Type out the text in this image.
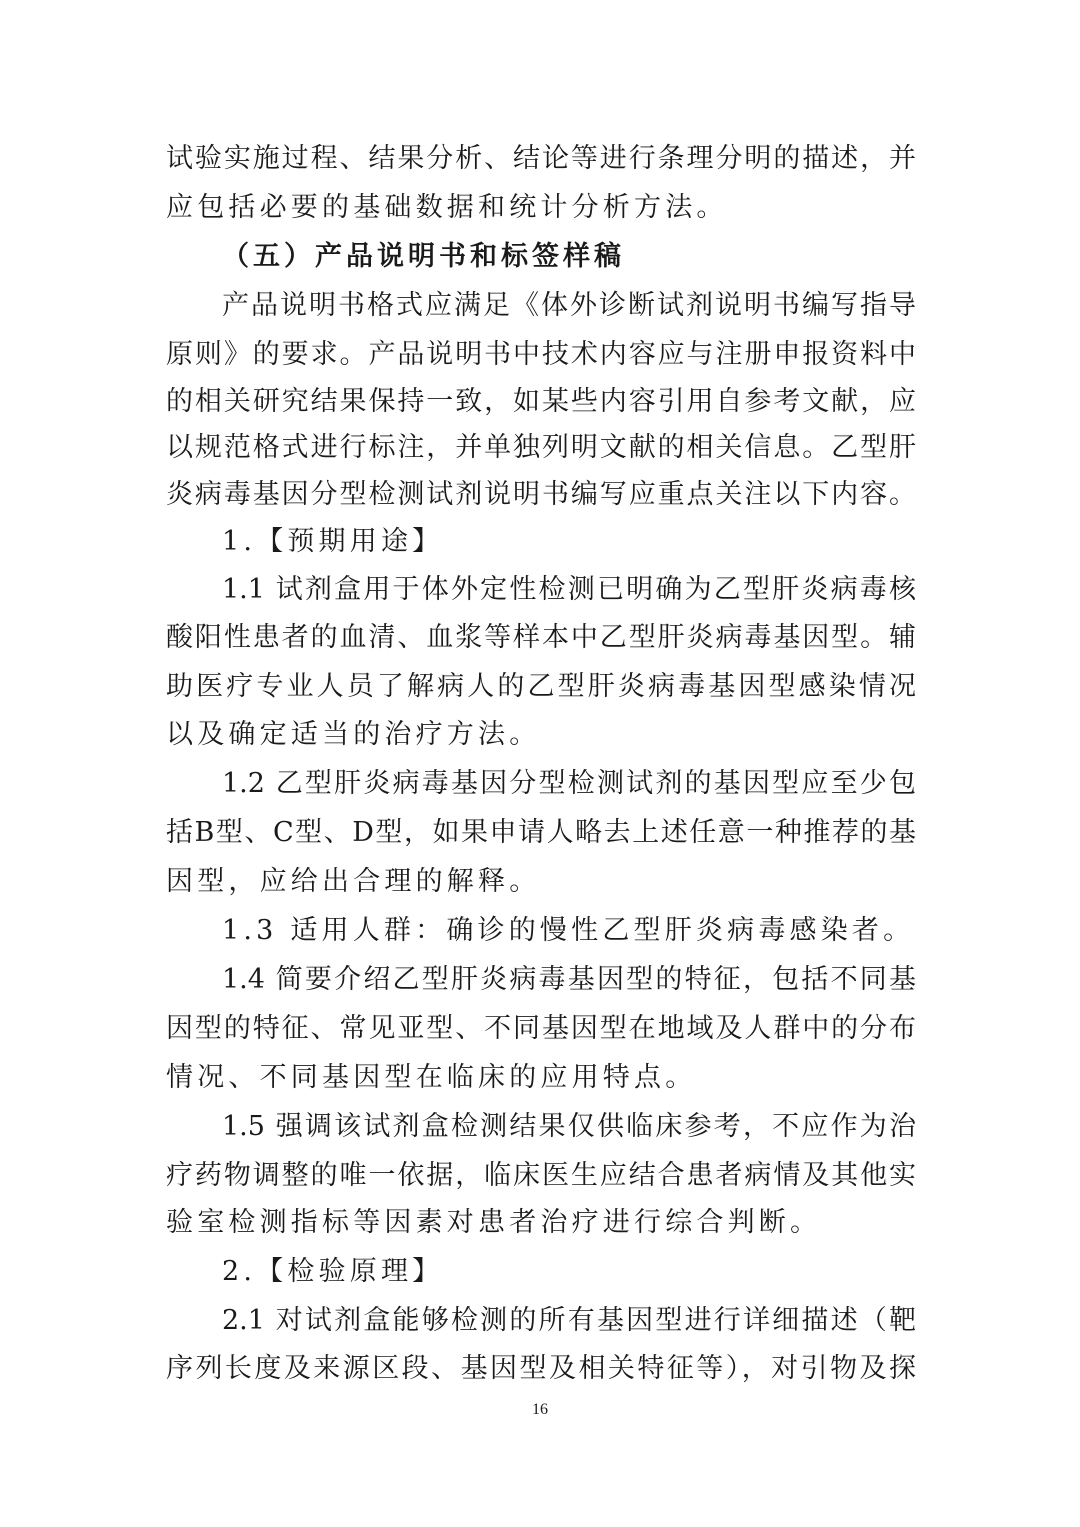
试验实施过程、结果分析、结论等进行条理分明的描述，并
应包括必要的基础数据和统计分析方法。
（五）产品说明书和标签样稿
产品说明书格式应满足《体外诊断试剂说明书编写指导
原则》的要求。产品说明书中技术内容应与注册申报资料中
的相关研究结果保持一致，如某些内容引用自参考文献，应
以规范格式进行标注，并单独列明文献的相关信息。乙型肝
炎病毒基因分型检测试剂说明书编写应重点关注以下内容。
1.【预期用途】
1.1 试剂盒用于体外定性检测已明确为乙型肝炎病毒核
酸阳性患者的血清、血浆等样本中乙型肝炎病毒基因型。辅
助医疗专业人员了解病人的乙型肝炎病毒基因型感染情况
以及确定适当的治疗方法。
1.2 乙型肝炎病毒基因分型检测试剂的基因型应至少包
括B型、C型、D型，如果申请人略去上述任意一种推荐的基
因型，应给出合理的解释。
1.3 适用人群：确诊的慢性乙型肝炎病毒感染者。
1.4 简要介绍乙型肝炎病毒基因型的特征，包括不同基
因型的特征、常见亚型、不同基因型在地域及人群中的分布
情况、不同基因型在临床的应用特点。
1.5 强调该试剂盒检测结果仅供临床参考，不应作为治
疗药物调整的唯一依据，临床医生应结合患者病情及其他实
验室检测指标等因素对患者治疗进行综合判断。
2.【检验原理】
2.1 对试剂盒能够检测的所有基因型进行详细描述（靶
序列长度及来源区段、基因型及相关特征等），对引物及探
16
